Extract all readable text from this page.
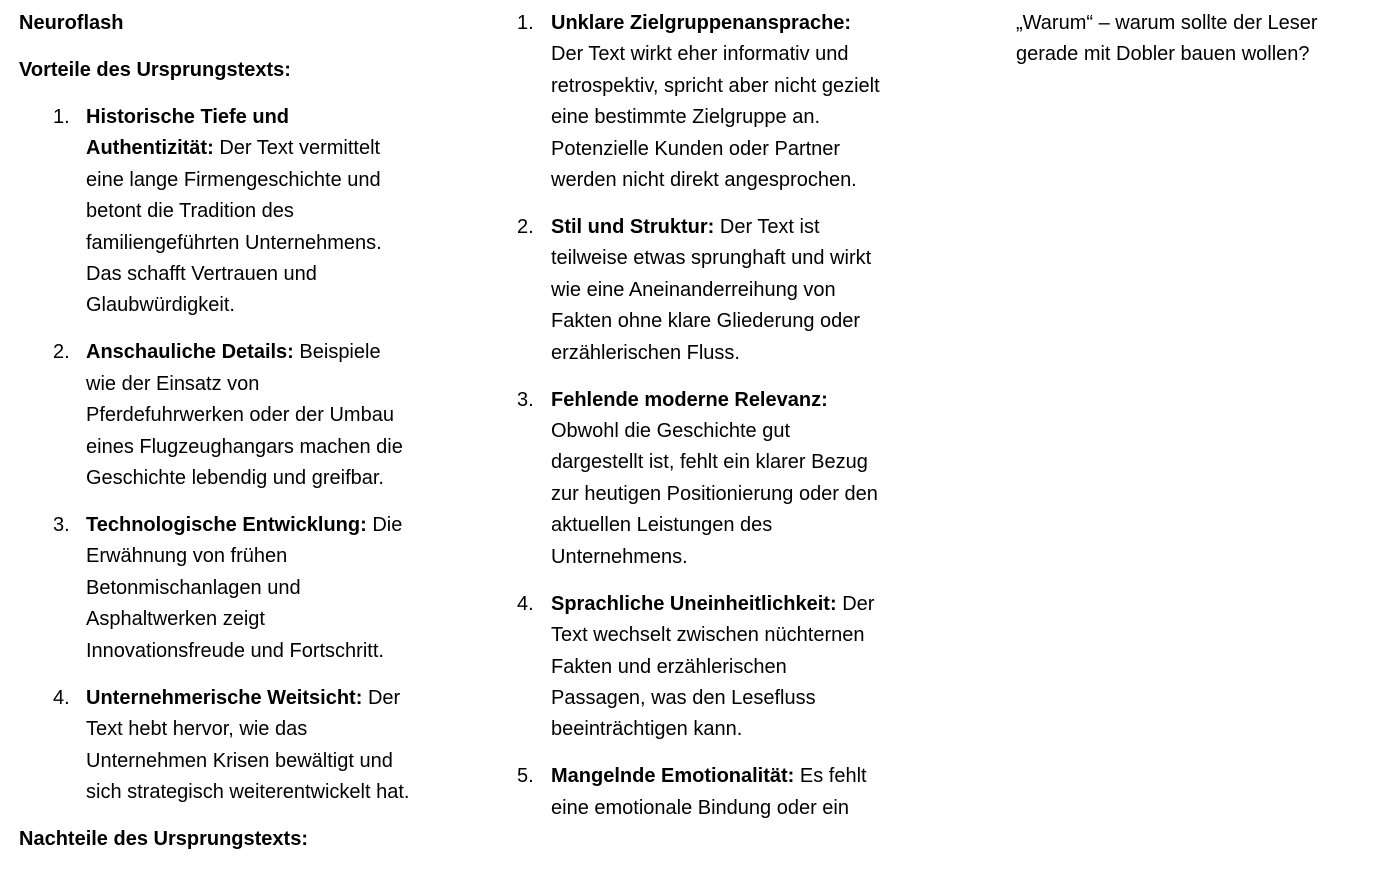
Neuroflash
Vorteile des Ursprungstexts:
1. Historische Tiefe und Authentizität: Der Text vermittelt eine lange Firmengeschichte und betont die Tradition des familiengeführten Unternehmens. Das schafft Vertrauen und Glaubwürdigkeit.
2. Anschauliche Details: Beispiele wie der Einsatz von Pferdefuhrwerken oder der Umbau eines Flugzeughangars machen die Geschichte lebendig und greifbar.
3. Technologische Entwicklung: Die Erwähnung von frühen Betonmischanlagen und Asphaltwerken zeigt Innovationsfreude und Fortschritt.
4. Unternehmerische Weitsicht: Der Text hebt hervor, wie das Unternehmen Krisen bewältigt und sich strategisch weiterentwickelt hat.
Nachteile des Ursprungstexts:
1. Unklare Zielgruppenansprache: Der Text wirkt eher informativ und retrospektiv, spricht aber nicht gezielt eine bestimmte Zielgruppe an. Potenzielle Kunden oder Partner werden nicht direkt angesprochen.
2. Stil und Struktur: Der Text ist teilweise etwas sprunghaft und wirkt wie eine Aneinanderreihung von Fakten ohne klare Gliederung oder erzählerischen Fluss.
3. Fehlende moderne Relevanz: Obwohl die Geschichte gut dargestellt ist, fehlt ein klarer Bezug zur heutigen Positionierung oder den aktuellen Leistungen des Unternehmens.
4. Sprachliche Uneinheitlichkeit: Der Text wechselt zwischen nüchternen Fakten und erzählerischen Passagen, was den Lesefluss beeinträchtigen kann.
5. Mangelnde Emotionalität: Es fehlt eine emotionale Bindung oder ein

„Warum“ – warum sollte der Leser gerade mit Dobler bauen wollen?
